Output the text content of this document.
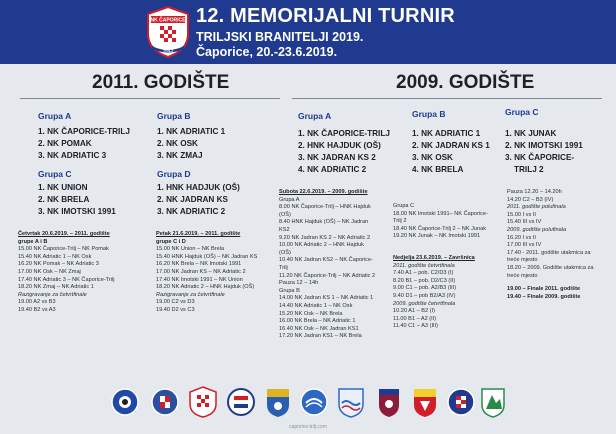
NK ČAPORICE
TRILJ
12. MEMORIJALNI TURNIR
TRILJSKI BRANITELJI 2019.
Čaporice, 20.-23.6.2019.
2011. GODIŠTE	2009. GODIŠTE
Grupa A
1. NK ČAPORICE-TRILJ
2. NK POMAK
3. NK ADRIATIC 3
Grupa B
1. NK ADRIATIC 1
2. NK OSK
3. NK ZMAJ
Grupa C
1. NK UNION
2. NK BRELA
3. NK IMOTSKI 1991
Grupa D
1. HNK HADJUK (OŠ)
2. NK JADRAN KS
3. NK ADRIATIC 2
Četvrtak 20.6.2019. – 2011. godište
grupe A i B
15.00 NK Čaporice-Trilj – NK Pomak
15.40 NK Adriatic 1 – NK Osk
16.20 NK Pomak – NK Adriatic 3
17.00 NK Osk – NK Zmaj
17.40 NK Adriatic 3 – NK Čaporice-Trilj
18.20 NK Zmaj – NK Adriatic 1
Razigravanje za četvrtfinale
19.00 A2 vs B3
19.40 B2 vs A3
Petak 21.6.2019. – 2011. godište
grupe C i D
15.00 NK Union – NK Brela
15.40 HNK Hajduk (OŠ) – NK Jadran KS
16.20 NK Brela – NK Imotski 1991
17.00 NK Jadran KS – NK Adriatic 2
17.40 NK Imotski 1991 – NK Union
18.20 NK Adriatic 2 – HNK Hajduk (OŠ)
Razigravanje za četvrtfinale
19.00 C2 vs D3
19.40 D2 vs C3
Grupa A
1. NK ČAPORICE-TRILJ
2. HNK HAJDUK (OŠ)
3. NK JADRAN KS 2
4. NK ADRIATIC 2
Grupa B
1. NK ADRIATIC 1
2. NK JADRAN KS 1
3. NK OSK
4. NK BRELA
Grupa C
1. NK JUNAK
2. NK IMOTSKI 1991
3. NK ČAPORICE-
TRILJ 2
Subota 22.6.2019. – 2009. godište
Grupa A
8.00 NK Čaporice-Trilj – HNK Hajduk
(OŠ)
8.40 HNK Hajduk (OŠ) – NK Jadran
KS2
9.20 NK Jadran KS 2 – NK Adriatic 2
10.00 NK Adriatic 2 – HNK Hajduk
(OŠ)
10.40 NK Jadran KS2 – NK Čaporice-
Trilj
11.20 NK Čaporice-Trilj – NK Adriatic 2
Pauza 12 – 14h
Grupa B
14.00 NK Jadran KS 1 – NK Adriatic 1
14.40 NK Adriatic 1 – NK Osk
15.20 NK Osk – NK Brela
16.00 NK Brela – NK Adriatic 1
16.40 NK Osk – NK Jadran KS1
17.20 NK Jadran KS1 – NK Brela
Grupa C
18.00 NK Imotski 1991– NK Čaporice-
Trilj 2
18.40 NK Čaporice-Trilj 2 – NK Junak
19.20 NK Junak – NK Imotski 1991
Nedjelja 23.6.2019. – Završnica
2011. godište četvrtfinala
7.40 A1 – pob. C2/D3 (I)
8.20 B1 – pob. D2/C3 (II)
9.00 C1 – pob. A2/B3 (III)
9.40 D1 – pob B2/A3 (IV)
2009. godište četvrtfinala
10.20 A1 – B2 (I)
11.00 B1 – A2 (II)
11.40 C1 – A3 (III)
Pauza 12.20 – 14.20h
14.20 C2 – B3 (IV)
2011. godište polufinala
15.00 I vs II
15.40 III vs IV
2009. godište polufinala
16.20 I vs II
17.00 III vs IV
17.40 - 2011. godište utakmica za
treće mjesto
18.20 – 2009. Godište utakmica za
treće mjesto
19.00 – Finale 2011. godište
19.40 – Finale 2009. godište
caporice-trilj.com
